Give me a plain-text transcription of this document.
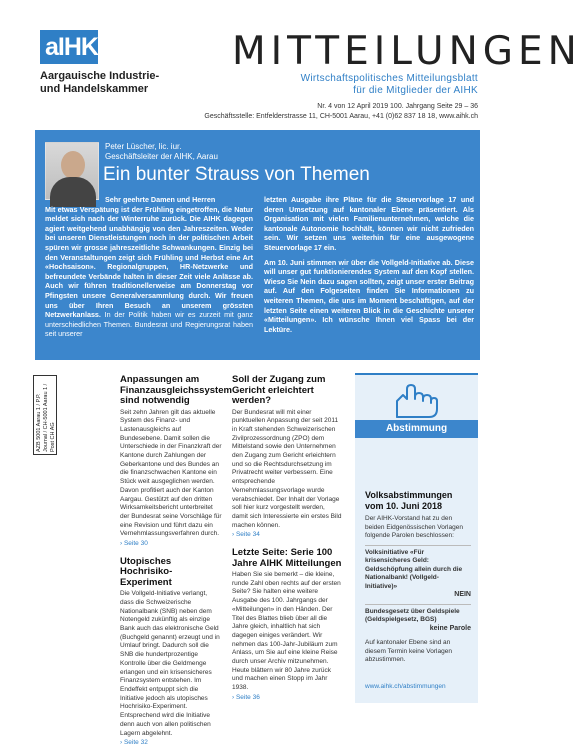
aIHK
Aargauische Industrie-
und Handelskammer
MITTEILUNGEN
Wirtschaftspolitisches Mitteilungsblatt
für die Mitglieder der AIHK
Nr. 4 von 12 April 2019 100. Jahrgang Seite 29 – 36
Geschäftsstelle: Entfelderstrasse 11, CH-5001 Aarau, +41 (0)62 837 18 18, www.aihk.ch
Peter Lüscher, lic. iur.
Geschäftsleiter der AIHK, Aarau
Ein bunter Strauss von Themen
Sehr geehrte Damen und Herren
Mit etwas Verspätung ist der Frühling eingetroffen, die Natur meldet sich nach der Winterruhe zurück. Die AIHK dagegen agiert weitgehend unabhängig von den Jahreszeiten. Weder bei unseren Dienstleistungen noch in der politischen Arbeit spüren wir grosse jahreszeitliche Schwankungen. Einzig bei den Veranstaltungen zeigt sich Frühling und Herbst eine Art «Hochsaison». Regionalgruppen, HR-Netzwerke und befreundete Verbände halten in dieser Zeit viele Anlässe ab. Auch wir führen traditionellerweise am Donnerstag vor Pfingsten unsere Generalversammlung durch. Wir freuen uns über Ihren Besuch an unserem grössten Netzwerkanlass. In der Politik haben wir es zurzeit mit ganz unterschiedlichen Themen. Bundesrat und Regierungsrat haben seit unserer

letzten Ausgabe ihre Pläne für die Steuervorlage 17 und deren Umsetzung auf kantonaler Ebene präsentiert. Als Organisation mit vielen Familienunternehmen, welche die kantonale Autonomie hochhält, können wir nicht zufrieden sein. Wir setzen uns weiterhin für eine ausgewogene Steuervorlage 17 ein.

Am 10. Juni stimmen wir über die Vollgeld-Initiative ab. Diese will unser gut funktionierendes System auf den Kopf stellen. Wieso Sie Nein dazu sagen sollten, zeigt unser erster Beitrag auf. Auf den Folgeseiten finden Sie Informationen zu weiteren Themen, die uns im Moment beschäftigen, auf der letzten Seite einen weiteren Blick in die Geschichte unserer «Mitteilungen». Ich wünsche Ihnen viel Spass bei der Lektüre.

AZB 5001 Aarau 1 / P.P. Journal / CH-5001 Aarau 1 / Post CH AG
Anpassungen am Finanzausgleichssystem sind notwendig

Seit zehn Jahren gilt das aktuelle System des Finanz- und Lastenausgleichs auf Bundesebene. Damit sollen die Unterschiede in der Finanzkraft der Kantone durch Zahlungen der Geberkantone und des Bundes an die finanzschwachen Kantone ein Stück weit ausgeglichen werden. Davon profitiert auch der Kanton Aargau. Gestützt auf den dritten Wirksamkeitsbericht unterbreitet der Bundesrat seine Vorschläge für eine Revision und führt dazu ein Vernehmlassungsverfahren durch.

› Seite 30
Utopisches Hochrisiko-Experiment

Die Vollgeld-Initiative verlangt, dass die Schweizerische Nationalbank (SNB) neben dem Notengeld zukünftig als einzige Bank auch das elektronische Geld (Buchgeld genannt) erzeugt und in Umlauf bringt. Dadurch soll die SNB die hundertprozentige Kontrolle über die Geldmenge erlangen und ein krisensicheres Finanzsystem entstehen. Im Endeffekt entpuppt sich die Initiative jedoch als utopisches Hochrisiko-Experiment. Entsprechend wird die Initiative denn auch von allen politischen Lagern abgelehnt.

› Seite 32
Soll der Zugang zum Gericht erleichtert werden?

Der Bundesrat will mit einer punktuellen Anpassung der seit 2011 in Kraft stehenden Schweizerischen Zivilprozessordnung (ZPO) dem Mittelstand sowie den Unternehmen den Zugang zum Gericht erleichtern und so die Rechtsdurchsetzung im Privatrecht weiter verbessern. Eine entsprechende Vernehmlassungsvorlage wurde verabschiedet. Der Inhalt der Vorlage soll hier kurz vorgestellt werden, damit sich Interessierte ein erstes Bild machen können.

› Seite 34
Letzte Seite: Serie 100 Jahre AIHK Mitteilungen

Haben Sie sie bemerkt – die kleine, runde Zahl oben rechts auf der ersten Seite? Sie halten eine weitere Ausgabe des 100. Jahrgangs der «Mitteilungen» in den Händen. Der Titel des Blattes blieb über all die Jahre gleich, inhaltlich hat sich dagegen einiges verändert. Wir nehmen das 100-Jahr-Jubiläum zum Anlass, um Sie auf eine kleine Reise durch unser Archiv mitzunehmen. Heute blättern wir 80 Jahre zurück und machen einen Stopp im Jahr 1938.

› Seite 36
Abstimmung
Volksabstimmungen vom 10. Juni 2018
Der AIHK-Vorstand hat zu den beiden Eidgenössischen Vorlagen folgende Parolen beschlossen:
Volksinitiative «Für krisensicheres Geld: Geldschöpfung allein durch die Nationalbank! (Vollgeld-Initiative)»
NEIN
Bundesgesetz über Geldspiele (Geldspielgesetz, BGS)
keine Parole
Auf kantonaler Ebene sind an diesem Termin keine Vorlagen abzustimmen.
www.aihk.ch/abstimmungen
